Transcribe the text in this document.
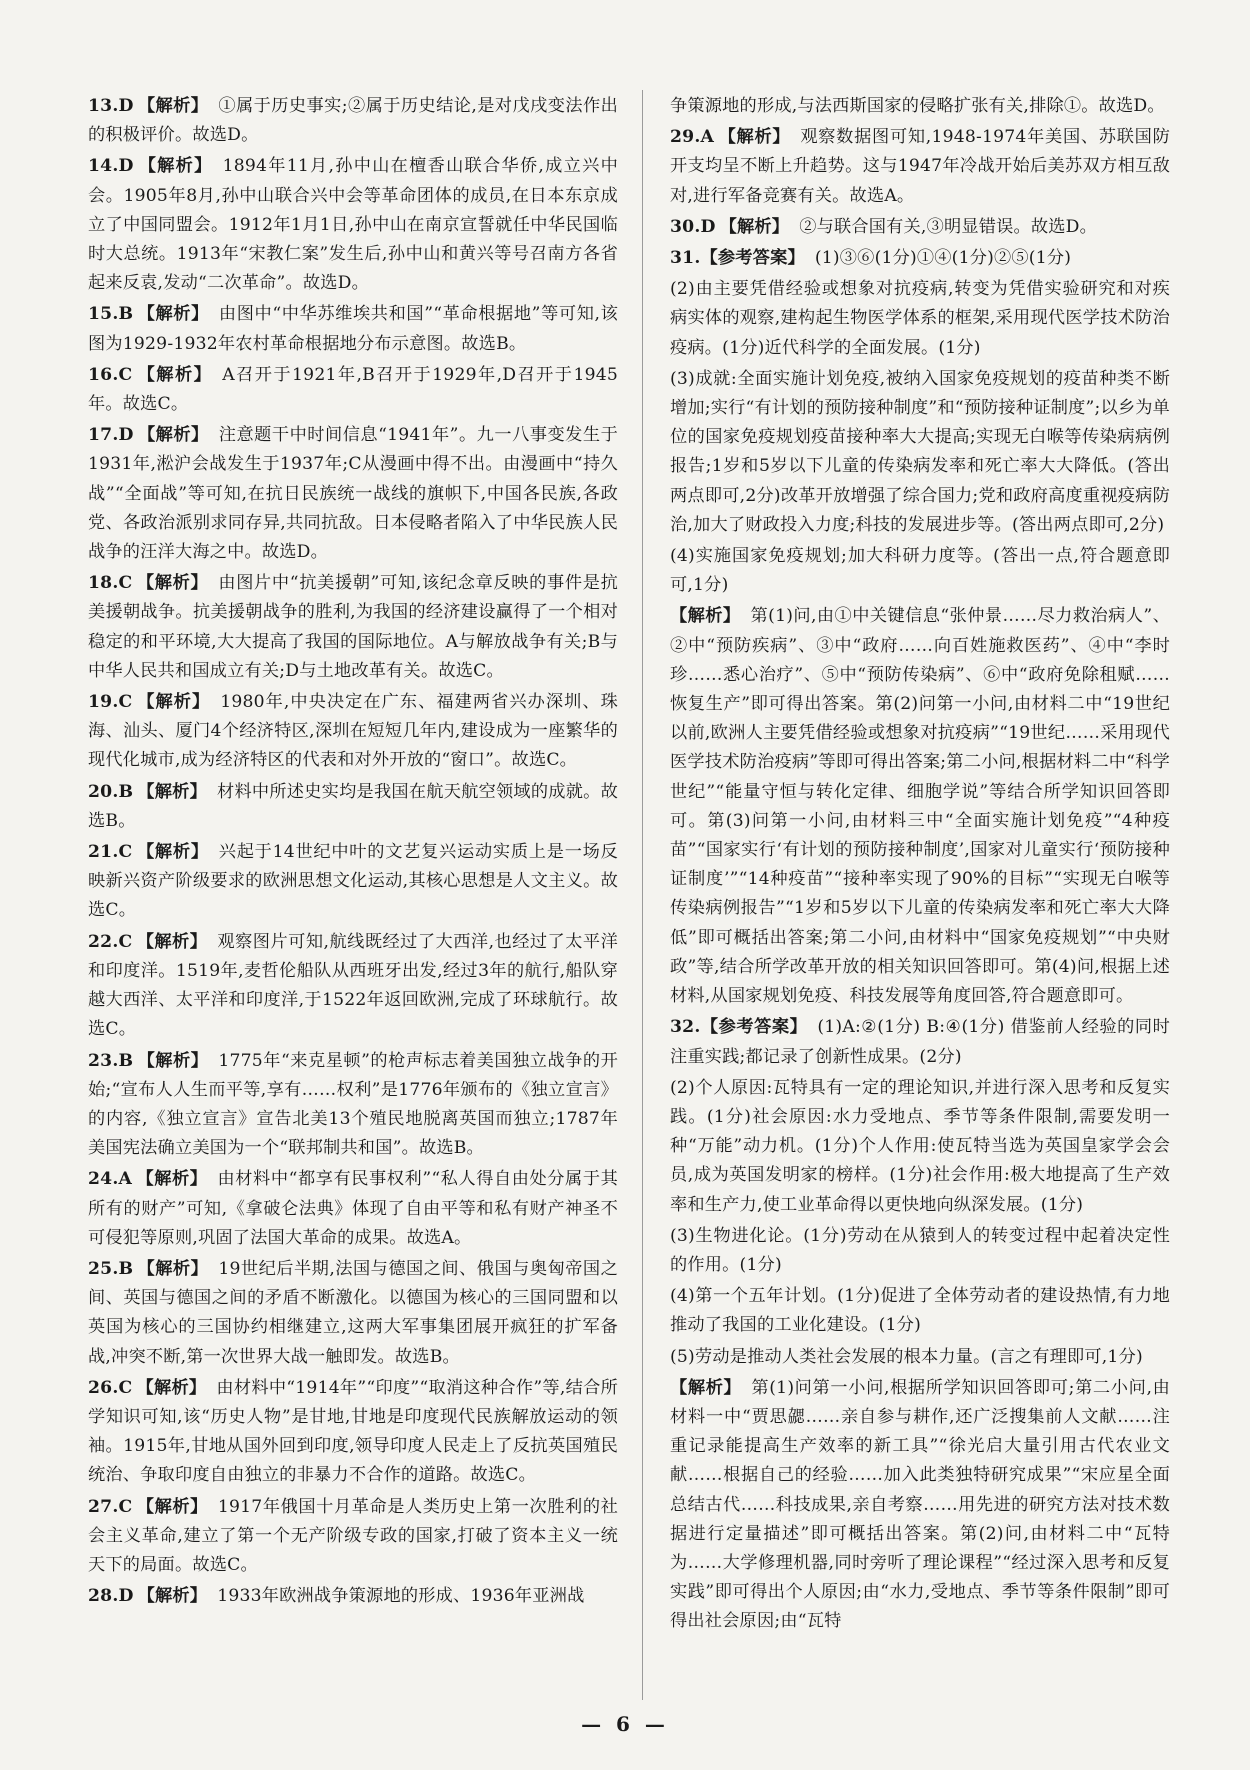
13.D 【解析】 ①属于历史事实;②属于历史结论,是对戊戌变法作出的积极评价。故选D。
14.D 【解析】 1894年11月,孙中山在檀香山联合华侨,成立兴中会。1905年8月,孙中山联合兴中会等革命团体的成员,在日本东京成立了中国同盟会。1912年1月1日,孙中山在南京宣誓就任中华民国临时大总统。1913年“宋教仁案”发生后,孙中山和黄兴等号召南方各省起来反袁,发动“二次革命”。故选D。
15.B 【解析】 由图中“中华苏维埃共和国”“革命根据地”等可知,该图为1929-1932年农村革命根据地分布示意图。故选B。
16.C 【解析】 A召开于1921年,B召开于1929年,D召开于1945年。故选C。
17.D 【解析】 注意题干中时间信息“1941年”。九一八事变发生于1931年,淞沪会战发生于1937年;C从漫画中得不出。由漫画中“持久战”“全面战”等可知,在抗日民族统一战线的旗帜下,中国各民族,各政党、各政治派别求同存异,共同抗敌。日本侵略者陷入了中华民族人民战争的汪洋大海之中。故选D。
18.C 【解析】 由图片中“抗美援朝”可知,该纪念章反映的事件是抗美援朝战争。抗美援朝战争的胜利,为我国的经济建设赢得了一个相对稳定的和平环境,大大提高了我国的国际地位。A与解放战争有关;B与中华人民共和国成立有关;D与土地改革有关。故选C。
19.C 【解析】 1980年,中央决定在广东、福建两省兴办深圳、珠海、汕头、厦门4个经济特区,深圳在短短几年内,建设成为一座繁华的现代化城市,成为经济特区的代表和对外开放的“窗口”。故选C。
20.B 【解析】 材料中所述史实均是我国在航天航空领域的成就。故选B。
21.C 【解析】 兴起于14世纪中叶的文艺复兴运动实质上是一场反映新兴资产阶级要求的欧洲思想文化运动,其核心思想是人文主义。故选C。
22.C 【解析】 观察图片可知,航线既经过了大西洋,也经过了太平洋和印度洋。1519年,麦哲伦船队从西班牙出发,经过3年的航行,船队穿越大西洋、太平洋和印度洋,于1522年返回欧洲,完成了环球航行。故选C。
23.B 【解析】 1775年“来克星顿”的枪声标志着美国独立战争的开始;“宣布人人生而平等,享有……权利”是1776年颁布的《独立宣言》的内容,《独立宣言》宣告北美13个殖民地脱离英国而独立;1787年美国宪法确立美国为一个“联邦制共和国”。故选B。
24.A 【解析】 由材料中“都享有民事权利”“私人得自由处分属于其所有的财产”可知,《拿破仑法典》体现了自由平等和私有财产神圣不可侵犯等原则,巩固了法国大革命的成果。故选A。
25.B 【解析】 19世纪后半期,法国与德国之间、俄国与奥匈帝国之间、英国与德国之间的矛盾不断激化。以德国为核心的三国同盟和以英国为核心的三国协约相继建立,这两大军事集团展开疯狂的扩军备战,冲突不断,第一次世界大战一触即发。故选B。
26.C 【解析】 由材料中“1914年”“印度”“取消这种合作”等,结合所学知识可知,该“历史人物”是甘地,甘地是印度现代民族解放运动的领袖。1915年,甘地从国外回到印度,领导印度人民走上了反抗英国殖民统治、争取印度自由独立的非暴力不合作的道路。故选C。
27.C 【解析】 1917年俄国十月革命是人类历史上第一次胜利的社会主义革命,建立了第一个无产阶级专政的国家,打破了资本主义一统天下的局面。故选C。
28.D 【解析】 1933年欧洲战争策源地的形成、1936年亚洲战
争策源地的形成,与法西斯国家的侵略扩张有关,排除①。故选D。
29.A 【解析】 观察数据图可知,1948-1974年美国、苏联国防开支均呈不断上升趋势。这与1947年冷战开始后美苏双方相互敌对,进行军备竞赛有关。故选A。
30.D 【解析】 ②与联合国有关,③明显错误。故选D。
31.【参考答案】 (1)③⑥(1分)①④(1分)②⑤(1分)
(2)由主要凭借经验或想象对抗疫病,转变为凭借实验研究和对疾病实体的观察,建构起生物医学体系的框架,采用现代医学技术防治疫病。(1分)近代科学的全面发展。(1分)
(3)成就:全面实施计划免疫,被纳入国家免疫规划的疫苗种类不断增加;实行“有计划的预防接种制度”和“预防接种证制度”;以乡为单位的国家免疫规划疫苗接种率大大提高;实现无白喉等传染病病例报告;1岁和5岁以下儿童的传染病发率和死亡率大大降低。(答出两点即可,2分)改革开放增强了综合国力;党和政府高度重视疫病防治,加大了财政投入力度;科技的发展进步等。(答出两点即可,2分)
(4)实施国家免疫规划;加大科研力度等。(答出一点,符合题意即可,1分)
【解析】 第(1)问,由①中关键信息“张仲景……尽力救治病人”、②中“预防疾病”、③中“政府……向百姓施救医药”、④中“李时珍……悉心治疗”、⑤中“预防传染病”、⑥中“政府免除租赋……恢复生产”即可得出答案。第(2)问第一小问,由材料二中“19世纪以前,欧洲人主要凭借经验或想象对抗疫病”“19世纪……采用现代医学技术防治疫病”等即可得出答案;第二小问,根据材料二中“科学世纪”“能量守恒与转化定律、细胞学说”等结合所学知识回答即可。第(3)问第一小问,由材料三中“全面实施计划免疫”“4种疫苗”“国家实行‘有计划的预防接种制度’,国家对儿童实行‘预防接种证制度’”“14种疫苗”“接种率实现了90%的目标”“实现无白喉等传染病例报告”“1岁和5岁以下儿童的传染病发率和死亡率大大降低”即可概括出答案;第二小问,由材料中“国家免疫规划”“中央财政”等,结合所学改革开放的相关知识回答即可。第(4)问,根据上述材料,从国家规划免疫、科技发展等角度回答,符合题意即可。
32.【参考答案】 (1)A:②(1分) B:④(1分) 借鉴前人经验的同时注重实践;都记录了创新性成果。(2分)
(2)个人原因:瓦特具有一定的理论知识,并进行深入思考和反复实践。(1分)社会原因:水力受地点、季节等条件限制,需要发明一种“万能”动力机。(1分)个人作用:使瓦特当选为英国皇家学会会员,成为英国发明家的榜样。(1分)社会作用:极大地提高了生产效率和生产力,使工业革命得以更快地向纵深发展。(1分)
(3)生物进化论。(1分)劳动在从猿到人的转变过程中起着决定性的作用。(1分)
(4)第一个五年计划。(1分)促进了全体劳动者的建设热情,有力地推动了我国的工业化建设。(1分)
(5)劳动是推动人类社会发展的根本力量。(言之有理即可,1分)
【解析】 第(1)问第一小问,根据所学知识回答即可;第二小问,由材料一中“贾思勰……亲自参与耕作,还广泛搜集前人文献……注重记录能提高生产效率的新工具”“徐光启大量引用古代农业文献……根据自己的经验……加入此类独特研究成果”“宋应星全面总结古代……科技成果,亲自考察……用先进的研究方法对技术数据进行定量描述”即可概括出答案。第(2)问,由材料二中“瓦特为……大学修理机器,同时旁听了理论课程”“经过深入思考和反复实践”即可得出个人原因;由“水力,受地点、季节等条件限制”即可得出社会原因;由“瓦特
— 6 —
